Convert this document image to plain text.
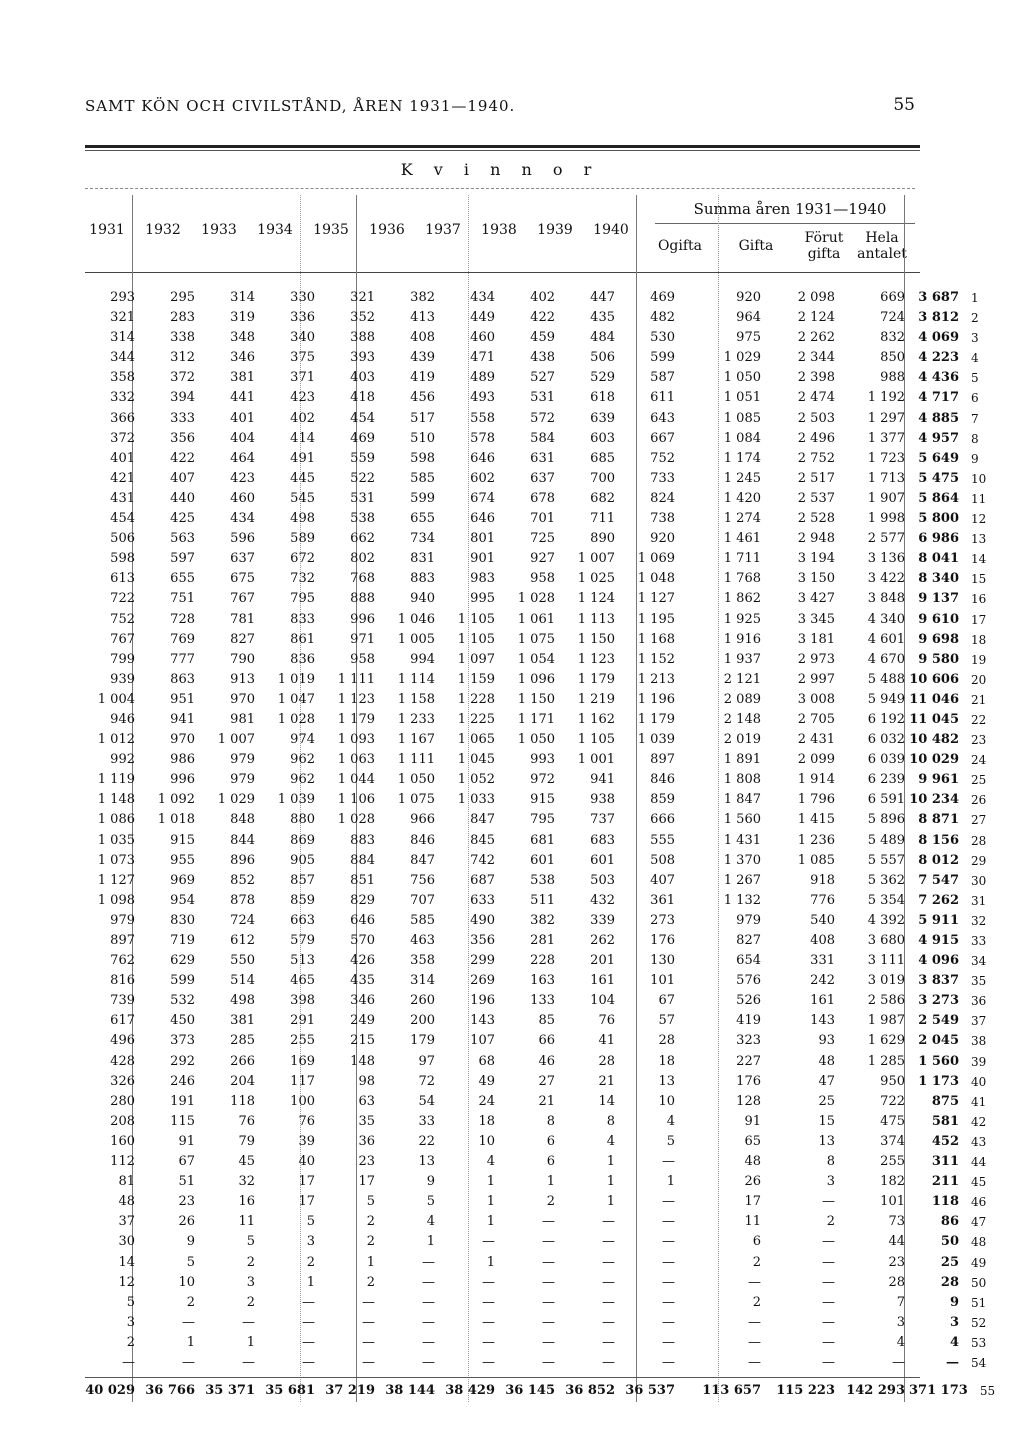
SAMT KÖN OCH CIVILSTÅND, ÅREN 1931—1940.	55
K v i n n o r
Summa åren 1931—1940
1931	1932	1933	1934	1935	1936	1937	1938	1939	1940
Ogifta	Gifta	Förut
gifta
Hela
antalet
293	295	314	330	321	382	434	402	447	469	920	2 098	669	3 687	1
321	283	319	336	352	413	449	422	435	482	964	2 124	724	3 812	2
314	338	348	340	388	408	460	459	484	530	975	2 262	832	4 069	3
344	312	346	375	393	439	471	438	506	599	1 029	2 344	850	4 223	4
358	372	381	371	403	419	489	527	529	587	1 050	2 398	988	4 436	5
332	394	441	423	418	456	493	531	618	611	1 051	2 474	1 192	4 717	6
366	333	401	402	454	517	558	572	639	643	1 085	2 503	1 297	4 885	7
372	356	404	414	469	510	578	584	603	667	1 084	2 496	1 377	4 957	8
401	422	464	491	559	598	646	631	685	752	1 174	2 752	1 723	5 649	9
421	407	423	445	522	585	602	637	700	733	1 245	2 517	1 713	5 475	10
431	440	460	545	531	599	674	678	682	824	1 420	2 537	1 907	5 864	11
454	425	434	498	538	655	646	701	711	738	1 274	2 528	1 998	5 800	12
506	563	596	589	662	734	801	725	890	920	1 461	2 948	2 577	6 986	13
598	597	637	672	802	831	901	927	1 007	1 069	1 711	3 194	3 136	8 041	14
613	655	675	732	768	883	983	958	1 025	1 048	1 768	3 150	3 422	8 340	15
722	751	767	795	888	940	995	1 028	1 124	1 127	1 862	3 427	3 848	9 137	16
752	728	781	833	996	1 046	1 105	1 061	1 113	1 195	1 925	3 345	4 340	9 610	17
767	769	827	861	971	1 005	1 105	1 075	1 150	1 168	1 916	3 181	4 601	9 698	18
799	777	790	836	958	994	1 097	1 054	1 123	1 152	1 937	2 973	4 670	9 580	19
939	863	913	1 019	1 111	1 114	1 159	1 096	1 179	1 213	2 121	2 997	5 488	10 606	20
1 004	951	970	1 047	1 123	1 158	1 228	1 150	1 219	1 196	2 089	3 008	5 949	11 046	21
946	941	981	1 028	1 179	1 233	1 225	1 171	1 162	1 179	2 148	2 705	6 192	11 045	22
1 012	970	1 007	974	1 093	1 167	1 065	1 050	1 105	1 039	2 019	2 431	6 032	10 482	23
992	986	979	962	1 063	1 111	1 045	993	1 001	897	1 891	2 099	6 039	10 029	24
1 119	996	979	962	1 044	1 050	1 052	972	941	846	1 808	1 914	6 239	9 961	25
1 148	1 092	1 029	1 039	1 106	1 075	1 033	915	938	859	1 847	1 796	6 591	10 234	26
1 086	1 018	848	880	1 028	966	847	795	737	666	1 560	1 415	5 896	8 871	27
1 035	915	844	869	883	846	845	681	683	555	1 431	1 236	5 489	8 156	28
1 073	955	896	905	884	847	742	601	601	508	1 370	1 085	5 557	8 012	29
1 127	969	852	857	851	756	687	538	503	407	1 267	918	5 362	7 547	30
1 098	954	878	859	829	707	633	511	432	361	1 132	776	5 354	7 262	31
979	830	724	663	646	585	490	382	339	273	979	540	4 392	5 911	32
897	719	612	579	570	463	356	281	262	176	827	408	3 680	4 915	33
762	629	550	513	426	358	299	228	201	130	654	331	3 111	4 096	34
816	599	514	465	435	314	269	163	161	101	576	242	3 019	3 837	35
739	532	498	398	346	260	196	133	104	67	526	161	2 586	3 273	36
617	450	381	291	249	200	143	85	76	57	419	143	1 987	2 549	37
496	373	285	255	215	179	107	66	41	28	323	93	1 629	2 045	38
428	292	266	169	148	97	68	46	28	18	227	48	1 285	1 560	39
326	246	204	117	98	72	49	27	21	13	176	47	950	1 173	40
280	191	118	100	63	54	24	21	14	10	128	25	722	875	41
208	115	76	76	35	33	18	8	8	4	91	15	475	581	42
160	91	79	39	36	22	10	6	4	5	65	13	374	452	43
112	67	45	40	23	13	4	6	1	—	48	8	255	311	44
81	51	32	17	17	9	1	1	1	1	26	3	182	211	45
48	23	16	17	5	5	1	2	1	—	17	—	101	118	46
37	26	11	5	2	4	1	—	—	—	11	2	73	86	47
30	9	5	3	2	1	—	—	—	—	6	—	44	50	48
14	5	2	2	1	—	1	—	—	—	2	—	23	25	49
12	10	3	1	2	—	—	—	—	—	—	—	28	28	50
5	2	2	—	—	—	—	—	—	—	2	—	7	9	51
3	—	—	—	—	—	—	—	—	—	—	—	3	3	52
2	1	1	—	—	—	—	—	—	—	—	—	4	4	53
—	—	—	—	—	—	—	—	—	—	—	—	—	—	54
40 029	36 766	35 371	35 681	37 219	38 144	38 429	36 145	36 852	36 537	113 657	115 223	142 293	371 173	55
